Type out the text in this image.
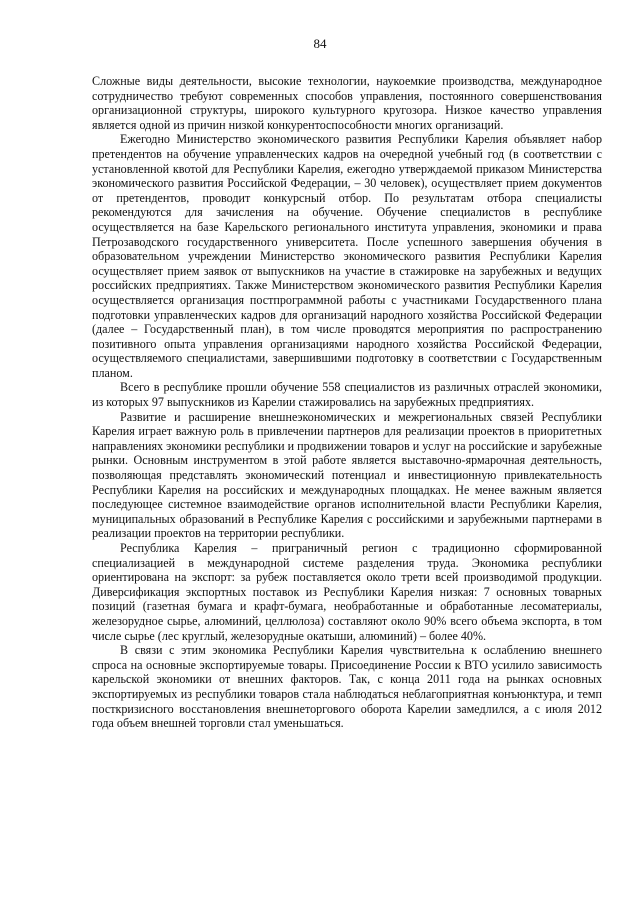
84

Сложные виды деятельности, высокие технологии, наукоемкие производства, международное сотрудничество требуют современных способов управления, постоянного совершенствования организационной структуры, широкого культурного кругозора. Низкое качество управления является одной из причин низкой конкурентоспособности многих организаций.

Ежегодно Министерство экономического развития Республики Карелия объявляет набор претендентов на обучение управленческих кадров на очередной учебный год (в соответствии с установленной квотой для Республики Карелия, ежегодно утверждаемой приказом Министерства экономического развития Российской Федерации, – 30 человек), осуществляет прием документов от претендентов, проводит конкурсный отбор. По результатам отбора специалисты рекомендуются для зачисления на обучение. Обучение специалистов в республике осуществляется на базе Карельского регионального института управления, экономики и права Петрозаводского государственного университета. После успешного завершения обучения в образовательном учреждении Министерство экономического развития Республики Карелия осуществляет прием заявок от выпускников на участие в стажировке на зарубежных и ведущих российских предприятиях. Также Министерством экономического развития Республики Карелия осуществляется организация постпрограммной работы с участниками Государственного плана подготовки управленческих кадров для организаций народного хозяйства Российской Федерации (далее – Государственный план), в том числе проводятся мероприятия по распространению позитивного опыта управления организациями народного хозяйства Российской Федерации, осуществляемого специалистами, завершившими подготовку в соответствии с Государственным планом.

Всего в республике прошли обучение 558 специалистов из различных отраслей экономики, из которых 97 выпускников из Карелии стажировались на зарубежных предприятиях.

Развитие и расширение внешнеэкономических и межрегиональных связей Республики Карелия играет важную роль в привлечении партнеров для реализации проектов в приоритетных направлениях экономики республики и продвижении товаров и услуг на российские и зарубежные рынки. Основным инструментом в этой работе является выставочно-ярмарочная деятельность, позволяющая представлять экономический потенциал и инвестиционную привлекательность Республики Карелия на российских и международных площадках. Не менее важным является последующее системное взаимодействие органов исполнительной власти Республики Карелия, муниципальных образований в Республике Карелия с российскими и зарубежными партнерами в реализации проектов на территории республики.

Республика Карелия – приграничный регион с традиционно сформированной специализацией в международной системе разделения труда. Экономика республики ориентирована на экспорт: за рубеж поставляется около трети всей производимой продукции. Диверсификация экспортных поставок из Республики Карелия низкая: 7 основных товарных позиций (газетная бумага и крафт-бумага, необработанные и обработанные лесоматериалы, железорудное сырье, алюминий, целлюлоза) составляют около 90% всего объема экспорта, в том числе сырье (лес круглый, железорудные окатыши, алюминий) – более 40%.

В связи с этим экономика Республики Карелия чувствительна к ослаблению внешнего спроса на основные экспортируемые товары. Присоединение России к ВТО усилило зависимость карельской экономики от внешних факторов. Так, с конца 2011 года на рынках основных экспортируемых из республики товаров стала наблюдаться неблагоприятная конъюнктура, и темп посткризисного восстановления внешнеторгового оборота Карелии замедлился, а с июля 2012 года объем внешней торговли стал уменьшаться.
